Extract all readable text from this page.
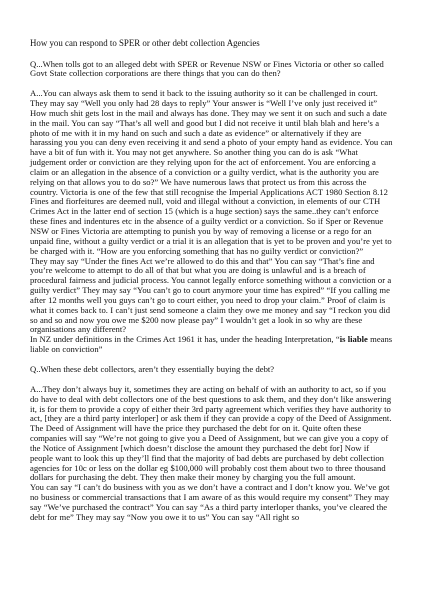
How you can respond to SPER or other debt collection Agencies

Q...When tolls got to an alleged debt with SPER or Revenue NSW or Fines Victoria or other so called Govt State collection corporations are there things that you can do then?

A...You can always ask them to send it back to the issuing authority so it can be challenged in court. They may say “Well you only had 28 days to reply” Your answer is “Well I’ve only just received it” How much shit gets lost in the mail and always has done. They may we sent it on such and such a date in the mail. You can say “That’s all well and good but I did not receive it until blah blah and here’s a photo of me with it in my hand on such and such a date as evidence” or alternatively if they are harassing you you can deny even receiving it and send a photo of your empty hand as evidence. You can have a bit of fun with it. You may not get anywhere. So another thing you can do is ask “What judgement order or conviction are they relying upon for the act of enforcement. You are enforcing a claim or an allegation in the absence of a conviction or a guilty verdict, what is the authority you are relying on that allows you to do so?” We have numerous laws that protect us from this across the country. Victoria is one of the few that still recognise the Imperial Applications ACT 1980 Section 8.12 Fines and fiorfeitures are deemed null, void and illegal without a conviction, in elements of our CTH Crimes Act in the latter end of section 15 (which is a huge section) says the same..they can’t enforce these fines and indentures etc in the absence of a guilty verdict or a conviction. So if Sper or Revenue NSW or Fines Victoria are attempting to punish you by way of removing a license or a rego for an unpaid fine, without a guilty verdict or a trial it is an allegation that is yet to be proven and you’re yet to be charged with it. “How are you enforcing something that has no guilty verdict or conviction?”

They may say “Under the fines Act we’re allowed to do this and that” You can say “That’s fine and you’re welcome to attempt to do all of that but what you are doing is unlawful and is a breach of procedural fairness and judicial process. You cannot legally enforce something without a conviction or a guilty verdict” They may say “You can’t go to court anymore your time has expired” “If you calling me after 12 months well you guys can’t go to court either, you need to drop your claim.” Proof of claim is what it comes back to. I can’t just send someone a claim they owe me money and say “I reckon you did so and so and now you owe me $200 now please pay” I wouldn’t get a look in so why are these organisations any different?

In NZ under definitions in the Crimes Act 1961 it has, under the heading Interpretation, “is liable means liable on conviction”

Q..When these debt collectors, aren’t they essentially buying the debt?

A...They don’t always buy it, sometimes they are acting on behalf of with an authority to act, so if you do have to deal with debt collectors one of the best questions to ask them, and they don’t like answering it, is for them to provide a copy of either their 3rd party agreement which verifies they have authority to act, [they are a third party interloper] or ask them if they can provide a copy of the Deed of Assignment. The Deed of Assignment will have the price they purchased the debt for on it. Quite often these companies will say “We’re not going to give you a Deed of Assignment, but we can give you a copy of the Notice of Assignment [which doesn’t disclose the amount they purchased the debt for] Now if people want to look this up they’ll find that the majority of bad debts are purchased by debt collection agencies for 10c or less on the dollar eg $100,000 will probably cost them about two to three thousand dollars for purchasing the debt. They then make their money by charging you the full amount.

You can say “I can’t do business with you as we don’t have a contract and I don’t know you. We’ve got no business or commercial transactions that I am aware of as this would require my consent” They may say “We’ve purchased the contract” You can say “As a third party interloper thanks, you’ve cleared the debt for me” They may say “Now you owe it to us” You can say “All right so
